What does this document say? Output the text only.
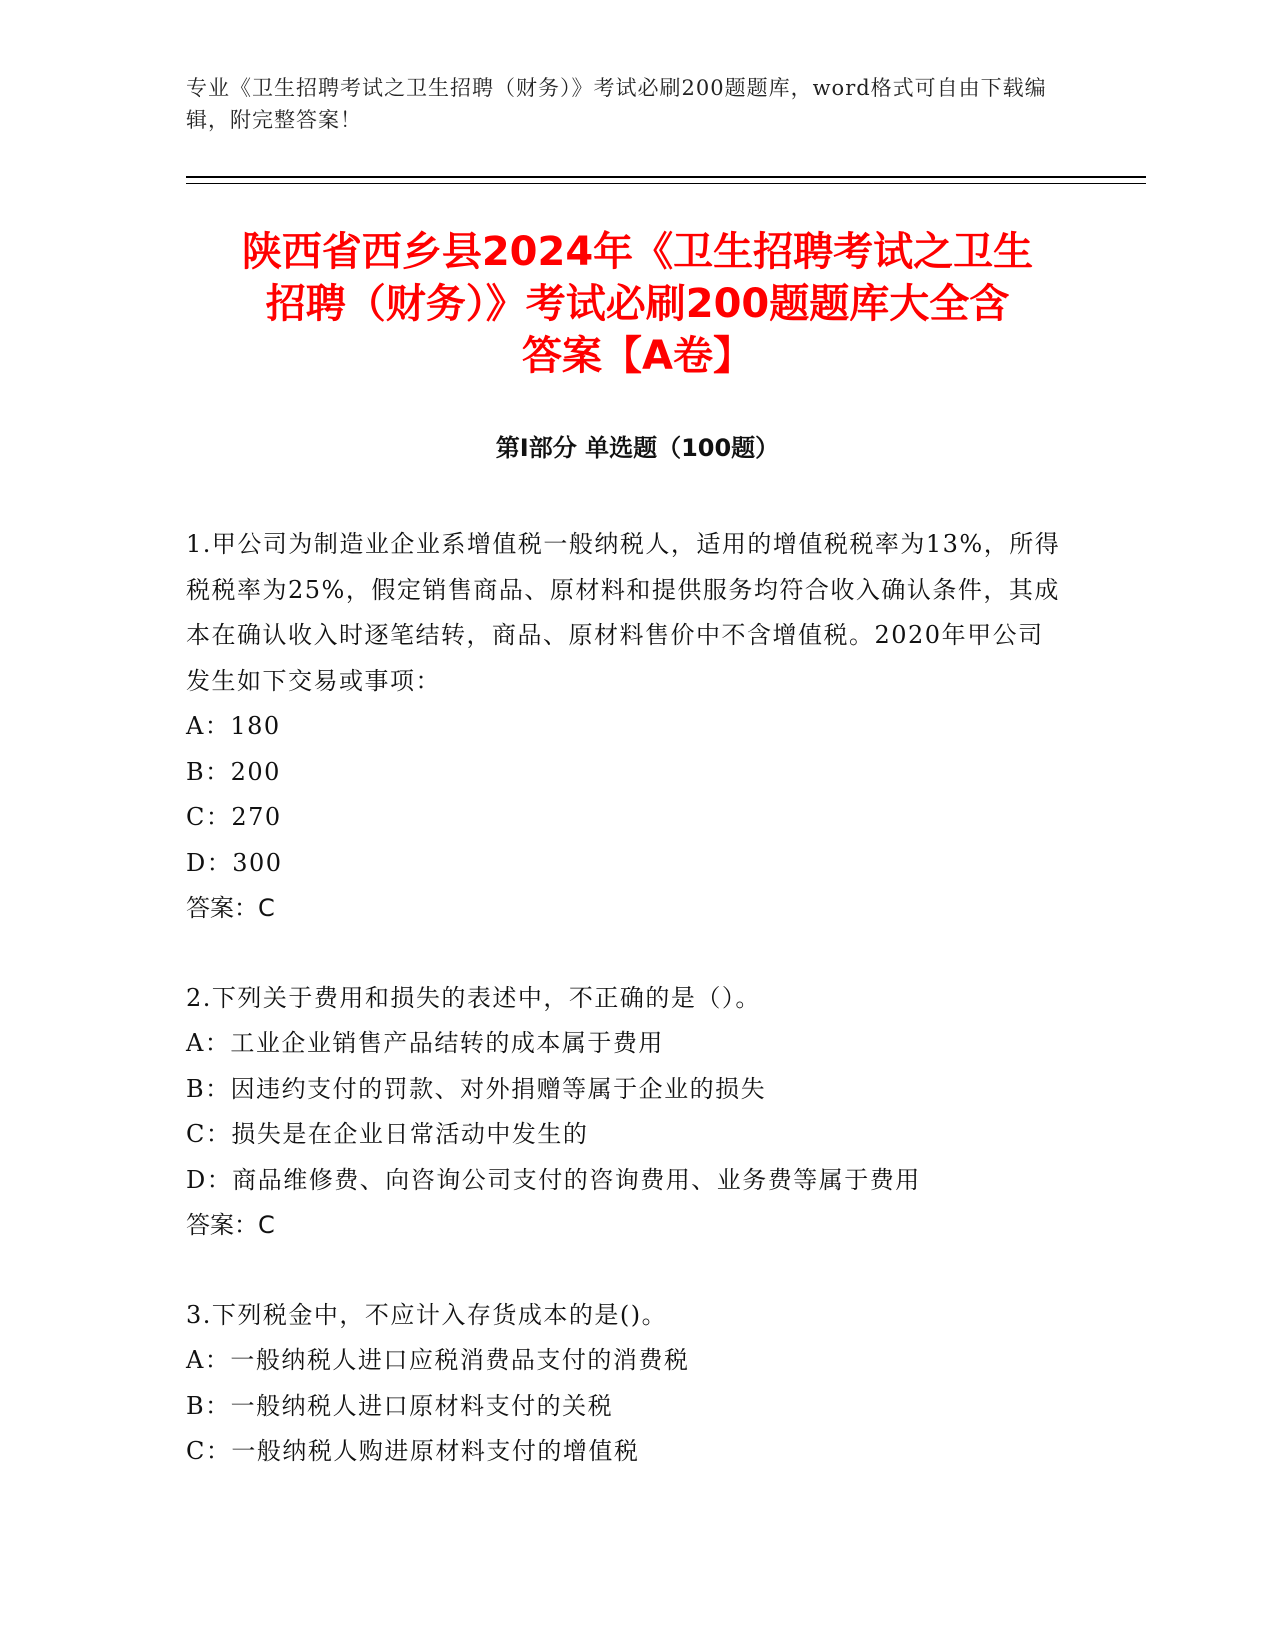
专业《卫生招聘考试之卫生招聘（财务）》考试必刷200题题库，word格式可自由下载编辑，附完整答案！
陕西省西乡县2024年《卫生招聘考试之卫生
招聘（财务）》考试必刷200题题库大全含
答案【A卷】
第Ⅰ部分 单选题（100题）

1.甲公司为制造业企业系增值税一般纳税人，适用的增值税税率为13%，所得税税率为25%，假定销售商品、原材料和提供服务均符合收入确认条件，其成本在确认收入时逐笔结转，商品、原材料售价中不含增值税。2020年甲公司发生如下交易或事项：

A：180

B：200

C：270

D：300

答案：C

2.下列关于费用和损失的表述中，不正确的是（）。

A：工业企业销售产品结转的成本属于费用

B：因违约支付的罚款、对外捐赠等属于企业的损失

C：损失是在企业日常活动中发生的

D：商品维修费、向咨询公司支付的咨询费用、业务费等属于费用

答案：C

3.下列税金中，不应计入存货成本的是()。

A：一般纳税人进口应税消费品支付的消费税

B：一般纳税人进口原材料支付的关税

C：一般纳税人购进原材料支付的增值税
